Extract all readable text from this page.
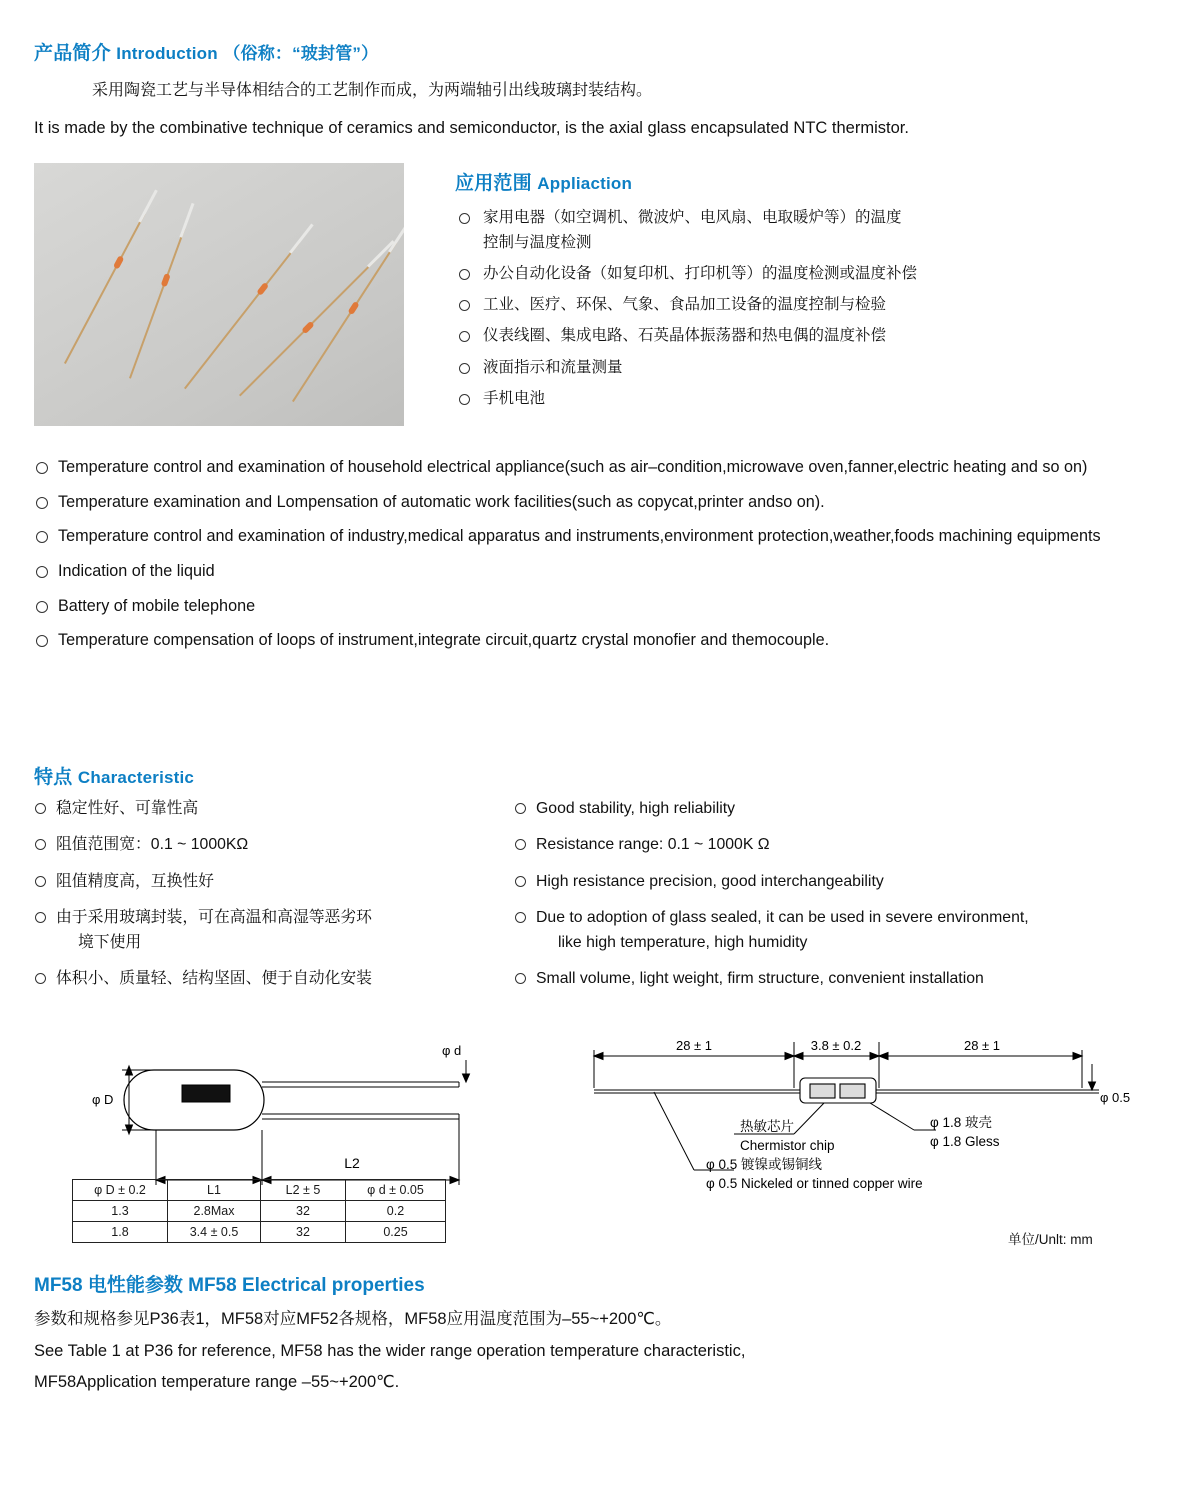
产品简介 Introduction （俗称：“玻封管”）
采用陶瓷工艺与半导体相结合的工艺制作而成，为两端轴引出线玻璃封装结构。
It is made by the combinative technique of ceramics and semiconductor, is the axial glass encapsulated NTC thermistor.
应用范围 Appliaction
家用电器（如空调机、微波炉、电风扇、电取暖炉等）的温度
控制与温度检测
办公自动化设备（如复印机、打印机等）的温度检测或温度补偿
工业、医疗、环保、气象、食品加工设备的温度控制与检验
仪表线圈、集成电路、石英晶体振荡器和热电偶的温度补偿
液面指示和流量测量
手机电池
Temperature control and examination of household electrical appliance(such as air–condition,microwave oven,fanner,electric heating and so on)
Temperature examination and Lompensation of automatic work facilities(such as copycat,printer andso on).
Temperature control and examination of industry,medical apparatus and instruments,environment protection,weather,foods machining equipments
Indication of the liquid
Battery of mobile telephone
Temperature compensation of loops of instrument,integrate circuit,quartz crystal monofier and themocouple.
特点 Characteristic
稳定性好、可靠性高
阻值范围宽：0.1 ~ 1000KΩ
阻值精度高，互换性好
由于采用玻璃封装，可在高温和高湿等恶劣环
境下使用
体积小、质量轻、结构坚固、便于自动化安装
Good stability, high reliability
Resistance range: 0.1 ~ 1000K Ω
High resistance precision, good interchangeability
Due to adoption of glass sealed, it can be used in severe environment,
like high temperature, high humidity
Small volume, light weight, firm structure, convenient installation
φ d
φ D
L2
28 ± 1	3.8 ± 0.2	28 ± 1
φ 0.5
热敏芯片
Chermistor chip
φ 1.8 玻壳
φ 1.8 Gless
φ 0.5 镀镍或锡铜线
φ 0.5 Nickeled or tinned copper wire
φ D ± 0.2	L1	L2 ± 5	φ d ± 0.05
1.3	2.8Max	32	0.2
1.8	3.4 ± 0.5	32	0.25	单位/Unlt: mm
MF58 电性能参数 MF58 Electrical properties

参数和规格参见P36表1，MF58对应MF52各规格，MF58应用温度范围为–55~+200℃。

See Table 1 at P36 for reference, MF58 has the wider range operation temperature characteristic,

MF58Application temperature range –55~+200℃.
